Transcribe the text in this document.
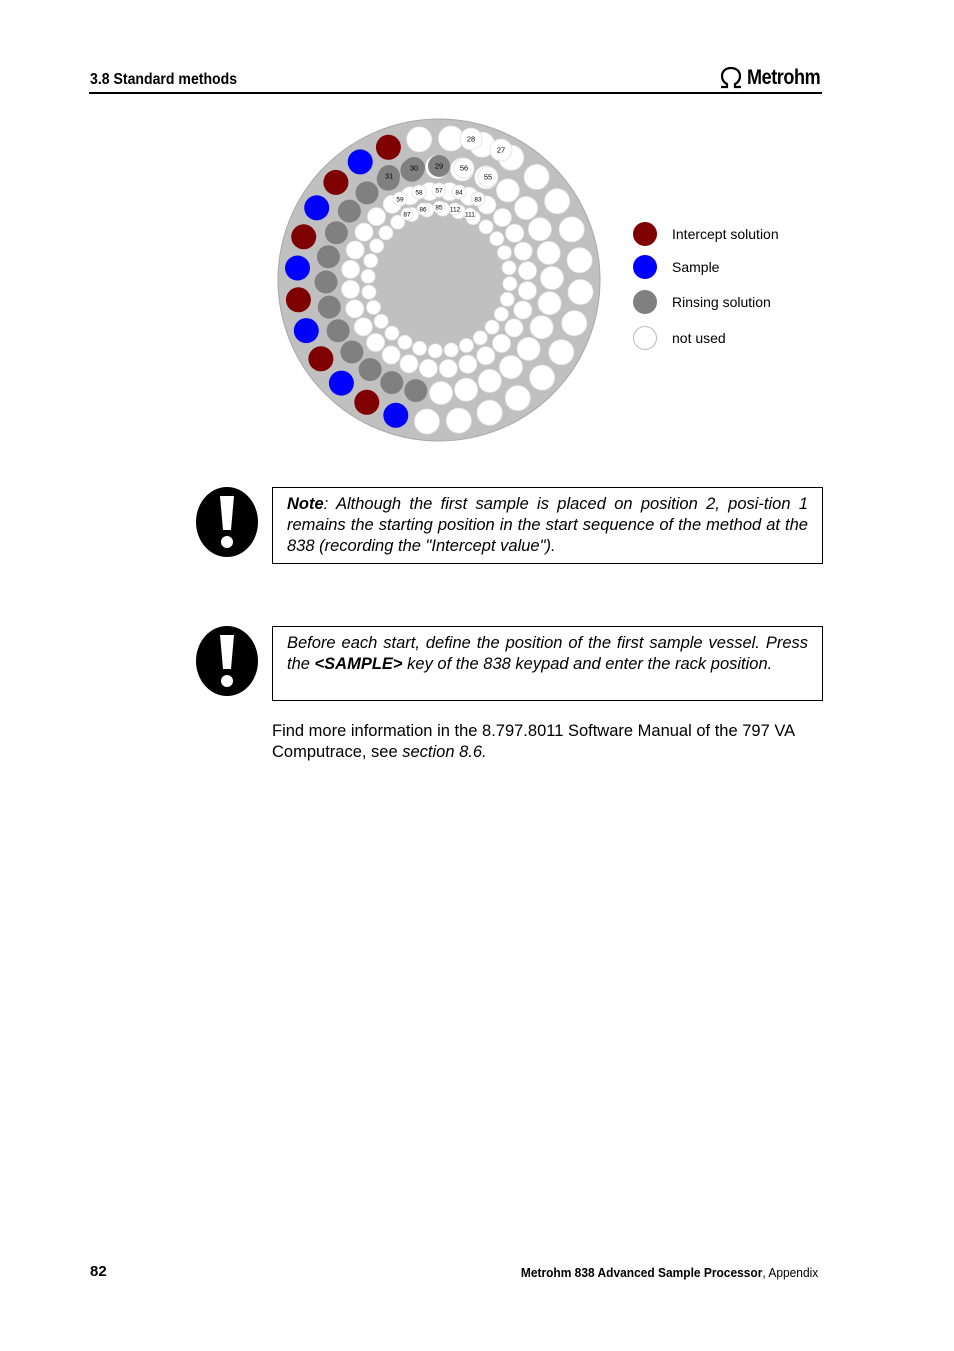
3.8 Standard methods	Metrohm
28
27
56
55
29
30
31
57
58
59
84
83
85
86
87
112
111
Intercept solution
Sample
Rinsing solution
not used
Note: Although the first sample is placed on position 2, posi-tion 1 remains the starting position in the start sequence of the method at the 838 (recording the "Intercept value").
Before each start, define the position of the first sample vessel. Press the <SAMPLE> key of the 838 keypad and enter the rack position.
Find more information in the 8.797.8011 Software Manual of the 797 VA Computrace, see section 8.6.
82	Metrohm 838 Advanced Sample Processor, Appendix
